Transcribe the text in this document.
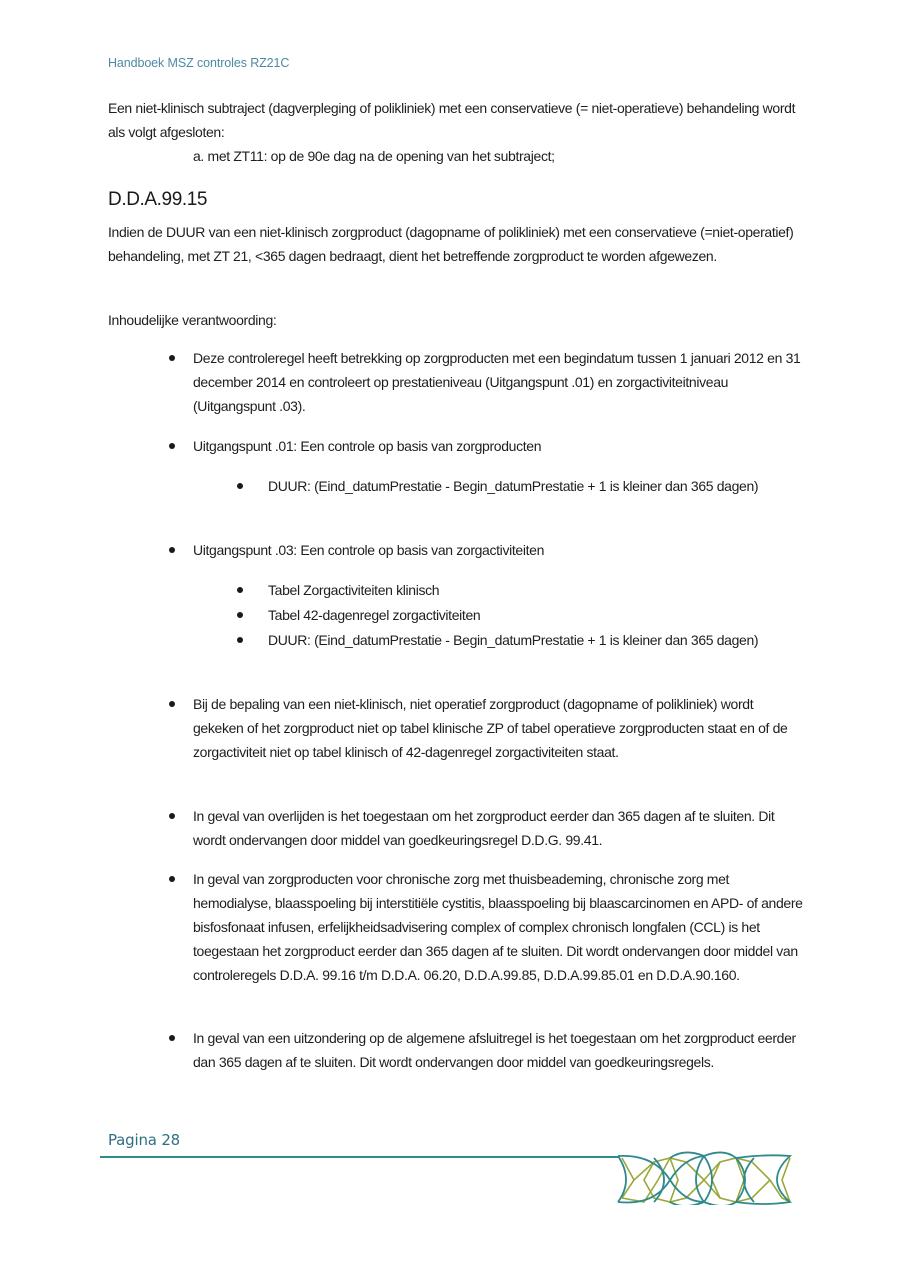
Handboek MSZ controles RZ21C
Een niet-klinisch subtraject (dagverpleging of polikliniek) met een conservatieve (= niet-operatieve) behandeling wordt als volgt afgesloten:
a. met ZT11: op de 90e dag na de opening van het subtraject;
D.D.A.99.15
Indien de DUUR van een niet-klinisch zorgproduct (dagopname of polikliniek) met een conservatieve (=niet-operatief) behandeling, met ZT 21, <365 dagen bedraagt, dient het betreffende zorgproduct te worden afgewezen.
Inhoudelijke verantwoording:
Deze controleregel heeft betrekking op zorgproducten met een begindatum tussen 1 januari 2012 en 31 december 2014 en controleert op prestatieniveau (Uitgangspunt .01) en zorgactiviteitniveau (Uitgangspunt .03).
Uitgangspunt .01: Een controle op basis van zorgproducten
DUUR: (Eind_datumPrestatie - Begin_datumPrestatie + 1 is kleiner dan 365 dagen)
Uitgangspunt .03: Een controle op basis van zorgactiviteiten
Tabel Zorgactiviteiten klinisch
Tabel 42-dagenregel zorgactiviteiten
DUUR: (Eind_datumPrestatie - Begin_datumPrestatie + 1 is kleiner dan 365 dagen)
Bij de bepaling van een niet-klinisch, niet operatief zorgproduct (dagopname of polikliniek) wordt gekeken of het zorgproduct niet op tabel klinische ZP of tabel operatieve zorgproducten staat en of de zorgactiviteit niet op tabel klinisch of 42-dagenregel zorgactiviteiten staat.
In geval van overlijden is het toegestaan om het zorgproduct eerder dan 365 dagen af te sluiten. Dit wordt ondervangen door middel van goedkeuringsregel D.D.G. 99.41.
In geval van zorgproducten voor chronische zorg met thuisbeademing, chronische zorg met hemodialyse, blaasspoeling bij interstitiële cystitis, blaasspoeling bij blaascarcinomen en APD- of andere bisfosfonaat infusen, erfelijkheidsadvisering complex of complex chronisch longfalen (CCL) is het toegestaan het zorgproduct eerder dan 365 dagen af te sluiten. Dit wordt ondervangen door middel van controleregels D.D.A. 99.16 t/m D.D.A. 06.20, D.D.A.99.85, D.D.A.99.85.01 en D.D.A.90.160.
In geval van een uitzondering op de algemene afsluitregel is het toegestaan om het zorgproduct eerder dan 365 dagen af te sluiten. Dit wordt ondervangen door middel van goedkeuringsregels.
Pagina 28
